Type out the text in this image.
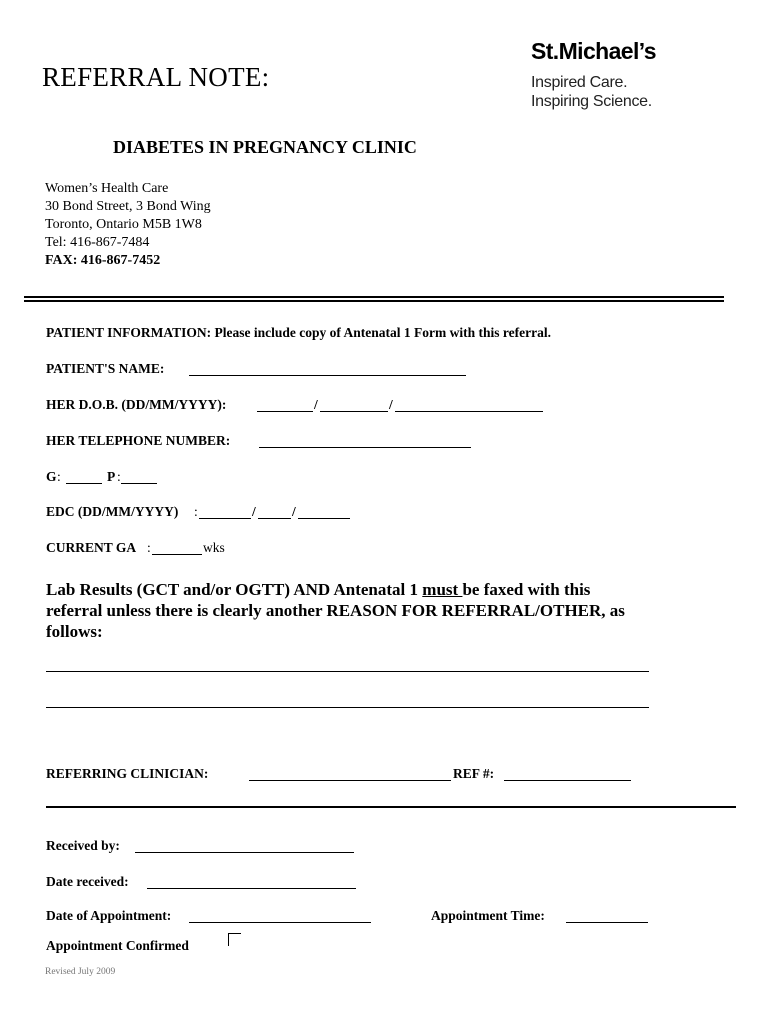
REFERRAL NOTE:
St.Michael’s
Inspired Care.
Inspiring Science.
DIABETES IN PREGNANCY CLINIC
Women’s Health Care
30 Bond Street, 3 Bond Wing
Toronto, Ontario M5B 1W8
Tel: 416-867-7484
FAX: 416-867-7452
PATIENT INFORMATION: Please include copy of Antenatal 1 Form with this referral.
PATIENT'S NAME:
HER D.O.B. (DD/MM/YYYY):	/	/
HER TELEPHONE NUMBER:
G :	P :
EDC (DD/MM/YYYY) :	/	/
CURRENT GA :	wks
Lab Results (GCT and/or OGTT) AND Antenatal 1 must be faxed with this
referral unless there is clearly another REASON FOR REFERRAL/OTHER, as
follows:
REFERRING CLINICIAN:	REF #:
Received by:
Date received:
Date of Appointment:	Appointment Time:
Appointment Confirmed
Revised July 2009
